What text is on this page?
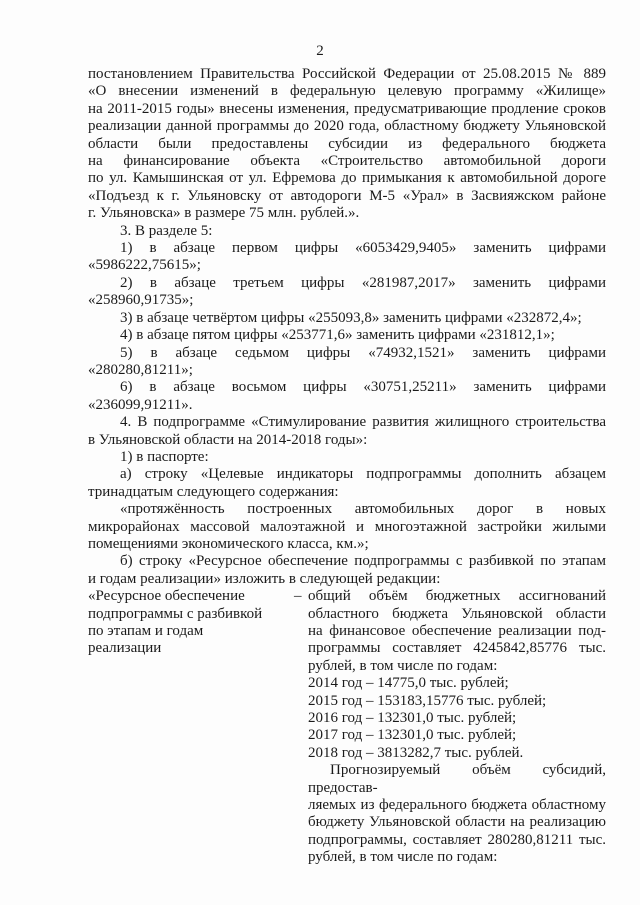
2

постановлением Правительства Российской Федерации от 25.08.2015 № 889

«О внесении изменений в федеральную целевую программу «Жилище»

на 2011-2015 годы» внесены изменения, предусматривающие продление сроков

реализации данной программы до 2020 года, областному бюджету Ульяновской

области были предоставлены субсидии из федерального бюджета

на финансирование объекта «Строительство автомобильной дороги

по ул. Камышинская от ул. Ефремова до примыкания к автомобильной дороге

«Подъезд к г. Ульяновску от автодороги М-5 «Урал» в Засвияжском районе

г. Ульяновска» в размере 75 млн. рублей.».

3. В разделе 5:

1) в абзаце первом цифры «6053429,9405» заменить цифрами

«5986222,75615»;

2) в абзаце третьем цифры «281987,2017» заменить цифрами

«258960,91735»;

3) в абзаце четвёртом цифры «255093,8» заменить цифрами «232872,4»;

4) в абзаце пятом цифры «253771,6» заменить цифрами «231812,1»;

5) в абзаце седьмом цифры «74932,1521» заменить цифрами

«280280,81211»;

6) в абзаце восьмом цифры «30751,25211» заменить цифрами

«236099,91211».

4. В подпрограмме «Стимулирование развития жилищного строительства

в Ульяновской области на 2014-2018 годы»:

1) в паспорте:

а) строку «Целевые индикаторы подпрограммы дополнить абзацем

тринадцатым следующего содержания:

«протяжённость построенных автомобильных дорог в новых

микрорайонах массовой малоэтажной и многоэтажной застройки жилыми

помещениями экономического класса, км.»;

б) строку «Ресурсное обеспечение подпрограммы с разбивкой по этапам

и годам реализации» изложить в следующей редакции:

«Ресурсное обеспечение

подпрограммы с разбивкой

по этапам и годам

реализации

– общий объём бюджетных ассигнований

областного бюджета Ульяновской области

на финансовое обеспечение реализации под-

программы составляет 4245842,85776 тыс.

рублей, в том числе по годам:

2014 год – 14775,0 тыс. рублей;

2015 год – 153183,15776 тыс. рублей;

2016 год – 132301,0 тыс. рублей;

2017 год – 132301,0 тыс. рублей;

2018 год – 3813282,7 тыс. рублей.

Прогнозируемый объём субсидий, предостав-

ляемых из федерального бюджета областному

бюджету Ульяновской области на реализацию

подпрограммы, составляет 280280,81211 тыс.

рублей, в том числе по годам:
